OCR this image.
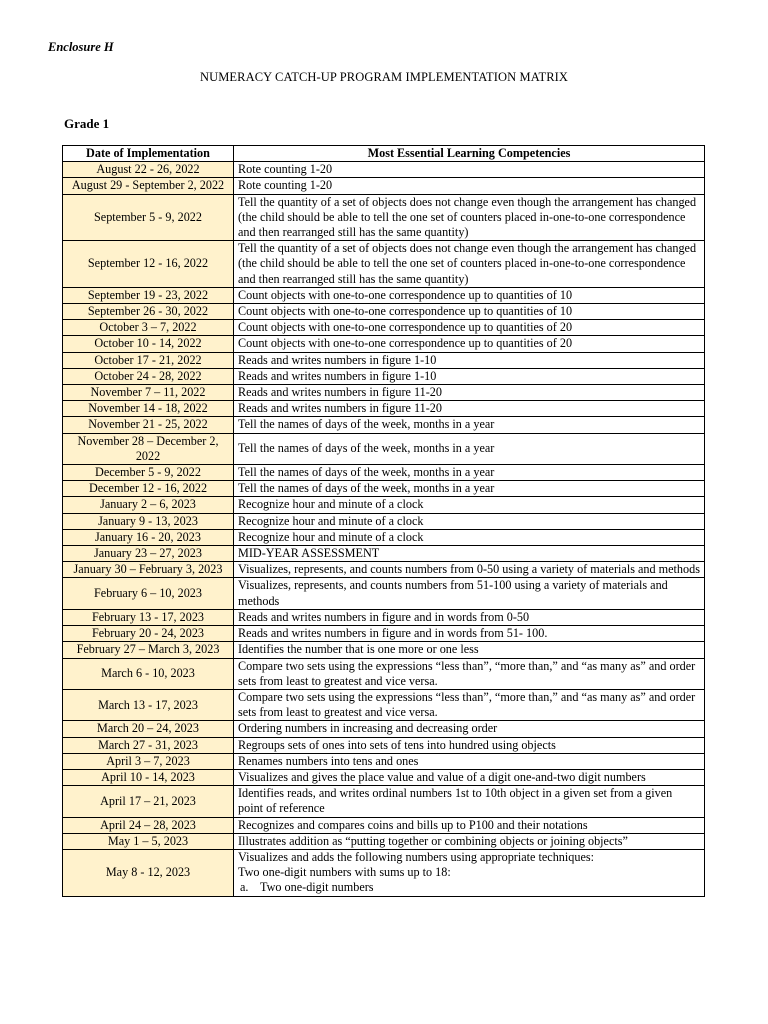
Enclosure H
NUMERACY CATCH-UP PROGRAM IMPLEMENTATION MATRIX
Grade 1
Date of Implementation	Most Essential Learning Competencies
August 22 - 26, 2022	Rote counting 1-20
August 29 - September 2, 2022	Rote counting 1-20
September 5 - 9, 2022	Tell the quantity of a set of objects does not change even though the arrangement has changed (the child should be able to tell the one set of counters placed in-one-to-one correspondence and then rearranged still has the same quantity)
September 12 - 16, 2022	Tell the quantity of a set of objects does not change even though the arrangement has changed (the child should be able to tell the one set of counters placed in-one-to-one correspondence and then rearranged still has the same quantity)
September 19 - 23, 2022	Count objects with one-to-one correspondence up to quantities of 10
September 26 - 30, 2022	Count objects with one-to-one correspondence up to quantities of 10
October 3 – 7, 2022	Count objects with one-to-one correspondence up to quantities of 20
October 10 - 14, 2022	Count objects with one-to-one correspondence up to quantities of 20
October 17 - 21, 2022	Reads and writes numbers in figure 1-10
October 24 - 28, 2022	Reads and writes numbers in figure 1-10
November 7 – 11, 2022	Reads and writes numbers in figure 11-20
November 14 - 18, 2022	Reads and writes numbers in figure 11-20
November 21 - 25, 2022	Tell the names of days of the week, months in a year
November 28 – December 2, 2022	Tell the names of days of the week, months in a year
December 5 - 9, 2022	Tell the names of days of the week, months in a year
December 12 - 16, 2022	Tell the names of days of the week, months in a year
January 2 – 6, 2023	Recognize hour and minute of a clock
January 9 - 13, 2023	Recognize hour and minute of a clock
January 16 - 20, 2023	Recognize hour and minute of a clock
January 23 – 27, 2023	MID-YEAR ASSESSMENT
January 30 – February 3, 2023	Visualizes, represents, and counts numbers from 0-50 using a variety of materials and methods
February 6 – 10, 2023	Visualizes, represents, and counts numbers from 51-100 using a variety of materials and methods
February 13 - 17, 2023	Reads and writes numbers in figure and in words from 0-50
February 20 - 24, 2023	Reads and writes numbers in figure and in words from 51- 100.
February 27 – March 3, 2023	Identifies the number that is one more or one less
March 6 - 10, 2023	Compare two sets using the expressions “less than”, “more than,” and “as many as” and order sets from least to greatest and vice versa.
March 13 - 17, 2023	Compare two sets using the expressions “less than”, “more than,” and “as many as” and order sets from least to greatest and vice versa.
March 20 – 24, 2023	Ordering numbers in increasing and decreasing order
March 27 - 31, 2023	Regroups sets of ones into sets of tens into hundred using objects
April 3 – 7, 2023	Renames numbers into tens and ones
April 10 - 14, 2023	Visualizes and gives the place value and value of a digit one-and-two digit numbers
April 17 – 21, 2023	Identifies reads, and writes ordinal numbers 1st to 10th object in a given set from a given point of reference
April 24 – 28, 2023	Recognizes and compares coins and bills up to P100 and their notations
May 1 – 5, 2023	Illustrates addition as “putting together or combining objects or joining objects”
May 8 - 12, 2023	Visualizes and adds the following numbers using appropriate techniques:
Two one-digit numbers with sums up to 18:
a. Two one-digit numbers
